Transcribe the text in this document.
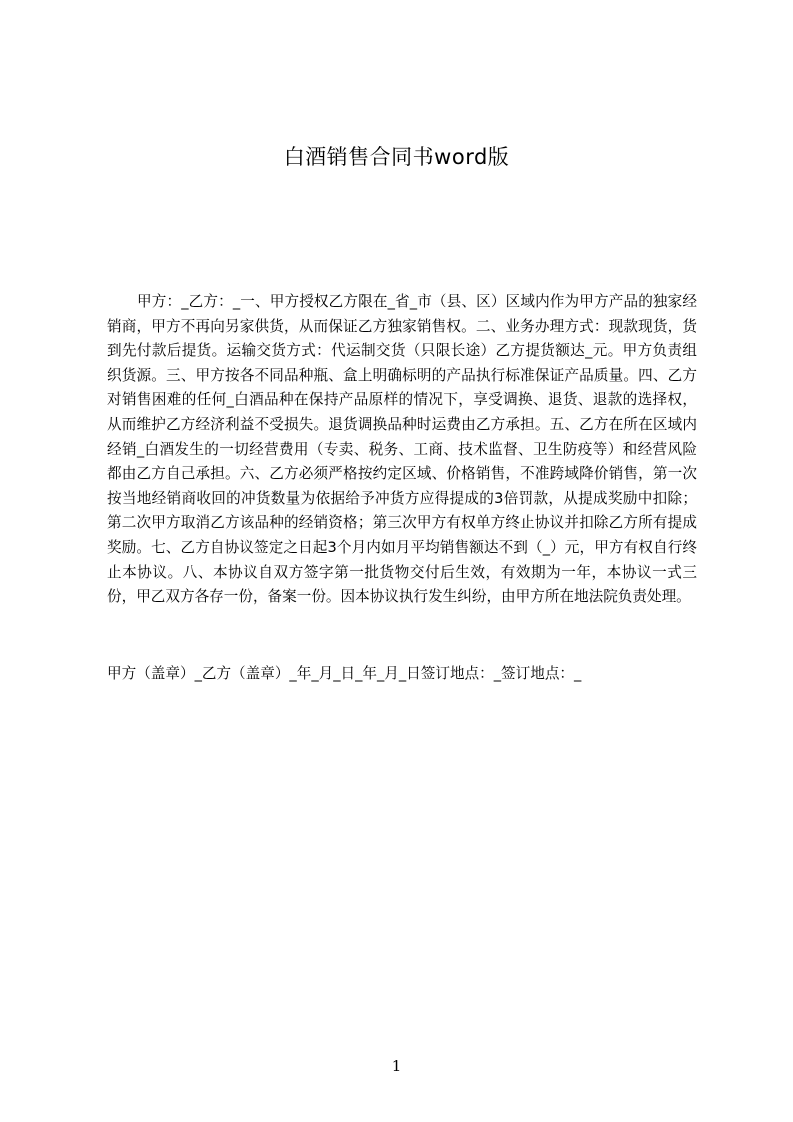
白酒销售合同书word版

甲方：_乙方：_一、甲方授权乙方限在_省_市（县、区）区域内作为甲方产品的独家经销商，甲方不再向另家供货，从而保证乙方独家销售权。二、业务办理方式：现款现货，货到先付款后提货。运输交货方式：代运制交货（只限长途）乙方提货额达_元。甲方负责组织货源。三、甲方按各不同品种瓶、盒上明确标明的产品执行标准保证产品质量。四、乙方对销售困难的任何_白酒品种在保持产品原样的情况下，享受调换、退货、退款的选择权，从而维护乙方经济利益不受损失。退货调换品种时运费由乙方承担。五、乙方在所在区域内经销_白酒发生的一切经营费用（专卖、税务、工商、技术监督、卫生防疫等）和经营风险都由乙方自己承担。六、乙方必须严格按约定区域、价格销售，不准跨域降价销售，第一次按当地经销商收回的冲货数量为依据给予冲货方应得提成的3倍罚款，从提成奖励中扣除；第二次甲方取消乙方该品种的经销资格；第三次甲方有权单方终止协议并扣除乙方所有提成奖励。七、乙方自协议签定之日起3个月内如月平均销售额达不到（_）元，甲方有权自行终止本协议。八、本协议自双方签字第一批货物交付后生效，有效期为一年，本协议一式三份，甲乙双方各存一份，备案一份。因本协议执行发生纠纷，由甲方所在地法院负责处理。

甲方（盖章）_乙方（盖章）_年_月_日_年_月_日签订地点：_签订地点：_

1
